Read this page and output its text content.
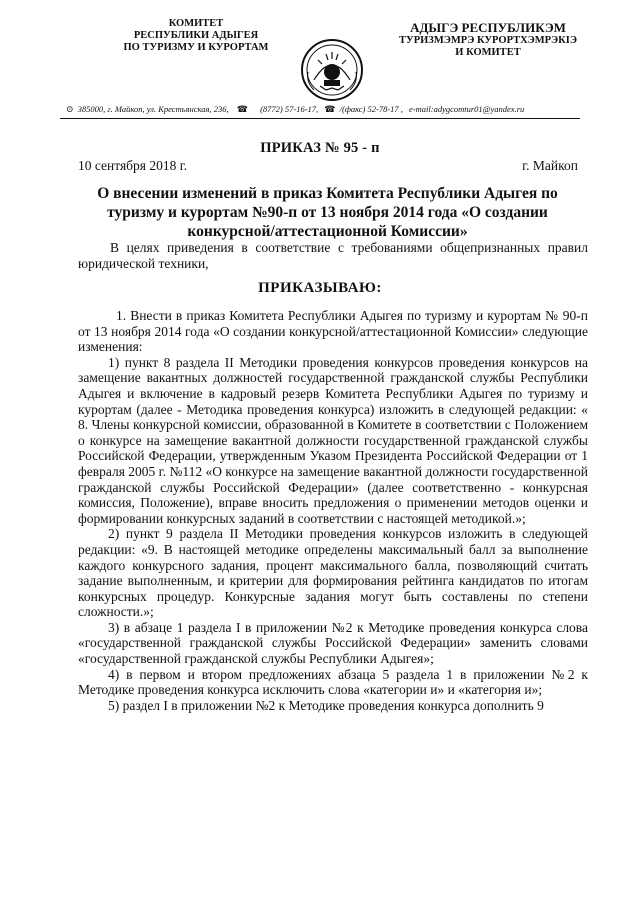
КОМИТЕТ
РЕСПУБЛИКИ АДЫГЕЯ
ПО ТУРИЗМУ И КУРОРТАМ
АДЫГЭ РЕСПУБЛИКЭМ
ТУРИЗМЭМРЭ КУРОРТХЭМРЭКIЭ
И КОМИТЕТ
⊙ 385000, г. Майкоп, ул. Крестьянская, 236, ☎ (8772) 57-16-17, ☎ /(факс) 52-78-17 , e-mail:adygcomtur01@yandex.ru
ПРИКАЗ № 95 - п
10 сентября 2018 г.	г. Майкоп
О внесении изменений в приказ Комитета Республики Адыгея по туризму и курортам №90-п от 13 ноября 2014 года «О создании конкурсной/аттестационной Комиссии»
В целях приведения в соответствие с требованиями общепризнанных правил юридической техники,
ПРИКАЗЫВАЮ:

1. Внести в приказ Комитета Республики Адыгея по туризму и курортам № 90-п от 13 ноября 2014 года «О создании конкурсной/аттестационной Комиссии» следующие изменения:

1) пункт 8 раздела II Методики проведения конкурсов проведения конкурсов на замещение вакантных должностей государственной гражданской службы Республики Адыгея и включение в кадровый резерв Комитета Республики Адыгея по туризму и курортам (далее - Методика проведения конкурса) изложить в следующей редакции: « 8. Члены конкурсной комиссии, образованной в Комитете в соответствии с Положением о конкурсе на замещение вакантной должности государственной гражданской службы Российской Федерации, утвержденным Указом Президента Российской Федерации от 1 февраля 2005 г. №112 «О конкурсе на замещение вакантной должности государственной гражданской службы Российской Федерации» (далее соответственно - конкурсная комиссия, Положение), вправе вносить предложения о применении методов оценки и формировании конкурсных заданий в соответствии с настоящей методикой.»;

2) пункт 9 раздела II Методики проведения конкурсов изложить в следующей редакции: «9. В настоящей методике определены максимальный балл за выполнение каждого конкурсного задания, процент максимального балла, позволяющий считать задание выполненным, и критерии для формирования рейтинга кандидатов по итогам конкурсных процедур. Конкурсные задания могут быть составлены по степени сложности.»;

3) в абзаце 1 раздела I в приложении №2 к Методике проведения конкурса слова «государственной гражданской службы Российской Федерации» заменить словами «государственной гражданской службы Республики Адыгея»;

4) в первом и втором предложениях абзаца 5 раздела 1 в приложении №2 к Методике проведения конкурса исключить слова «категории и» и «категория и»;

5) раздел I в приложении №2 к Методике проведения конкурса дополнить 9
